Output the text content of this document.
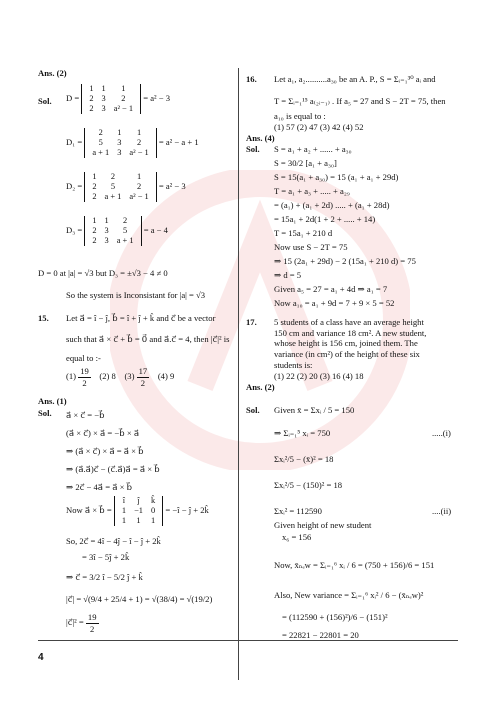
Ans. (2)
Sol. D =
1	1	1
2	3	2
2	3	a² − 1
= a² − 3
D₁ =
2	1	1
5	3	2
a + 1	3	a² − 1
= a² − a + 1
D₂ =
1	2	1
2	5	2
2	a + 1	a² − 1
= a² − 3
D₃ =
1	1	2
2	3	5
2	3	a + 1
= a − 4
D = 0 at |a| = √3 but D₃ = ±√3 − 4 ≠ 0
So the system is Inconsistant for |a| = √3
15. Let a⃗ = î − ĵ, b⃗ = î + ĵ + k̂ and c⃗ be a vector
such that a⃗ × c⃗ + b⃗ = 0⃗ and a⃗.c⃗ = 4, then |c⃗|² is
equal to :-
$(1) \frac{19}{2} (2)$ 8 $(3) \frac{17}{2} (4)$ 9
Ans. (1)
Sol. a⃗ × c⃗ = −b⃗
(a⃗ × c⃗) × a⃗ = −b⃗ × a⃗
⇒ (a⃗ × c⃗) × a⃗ = a⃗ × b⃗
⇒ (a⃗.a⃗)c⃗ − (c⃗.a⃗)a⃗ = a⃗ × b⃗
⇒ 2c⃗ − 4a⃗ = a⃗ × b⃗
Now a⃗ × b⃗ =
î	ĵ	k̂
1	−1	0
1	1	1
= −î − ĵ + 2k̂
So, 2c⃗ = 4î − 4ĵ − î − ĵ + 2k̂
= 3î − 5ĵ + 2k̂
⇒ c⃗ = 3/2 î − 5/2 ĵ + k̂
|c⃗| = √(9/4 + 25/4 + 1) = √(38/4) = √(19/2)
|c⃗|² = $\frac{19}{2}$
16. Let a₁, a₂..........a₃₀ be an A. P., S = Σᵢ₌₁³⁰ aᵢ and
T = Σᵢ₌₁¹⁵ a₍₂ᵢ₋₁₎ . If a₅ = 27 and S − 2T = 75, then
a₁₀ is equal to :
(1) 57 (2) 47 (3) 42 (4) 52
Ans. (4)
Sol. S = a₁ + a₂ + ...... + a₃₀
S = 30/2 [a₁ + a₃₀]
S = 15(a₁ + a₃₀) = 15 (a₁ + a₁ + 29d)
T = a₁ + a₃ + ..... + a₂₉
= (a₁) + (a₁ + 2d) ..... + (a₁ + 28d)
= 15a₁ + 2d(1 + 2 + ..... + 14)
T = 15a₁ + 210 d
Now use S − 2T = 75
⇒ 15 (2a₁ + 29d) − 2 (15a₁ + 210 d) = 75
⇒ d = 5
Given a₅ = 27 = a₁ + 4d ⇒ a₁ = 7
Now a₁₀ = a₁ + 9d = 7 + 9 × 5 = 52
17. 5 students of a class have an average height
150 cm and variance 18 cm². A new student,
whose height is 156 cm, joined them. The
variance (in cm²) of the height of these six
students is:
(1) 22 (2) 20 (3) 16 (4) 18
Ans. (2)
Sol. Given x̄ = Σxᵢ / 5 = 150
⇒ Σᵢ₌₁⁵ xᵢ = 750	.....(i)
Σxᵢ²/5 − (x̄)² = 18
Σxᵢ²/5 − (150)² = 18
Σxᵢ² = 112590	....(ii)
Given height of new student
x₆ = 156
Now, x̄ₙₑw = Σᵢ₌₁⁶ xᵢ / 6 = (750 + 156)/6 = 151
Also, New variance = Σᵢ₌₁⁶ xᵢ² / 6 − (x̄ₙₑw)²
= (112590 + (156)²)/6 − (151)²
= 22821 − 22801 = 20
4
